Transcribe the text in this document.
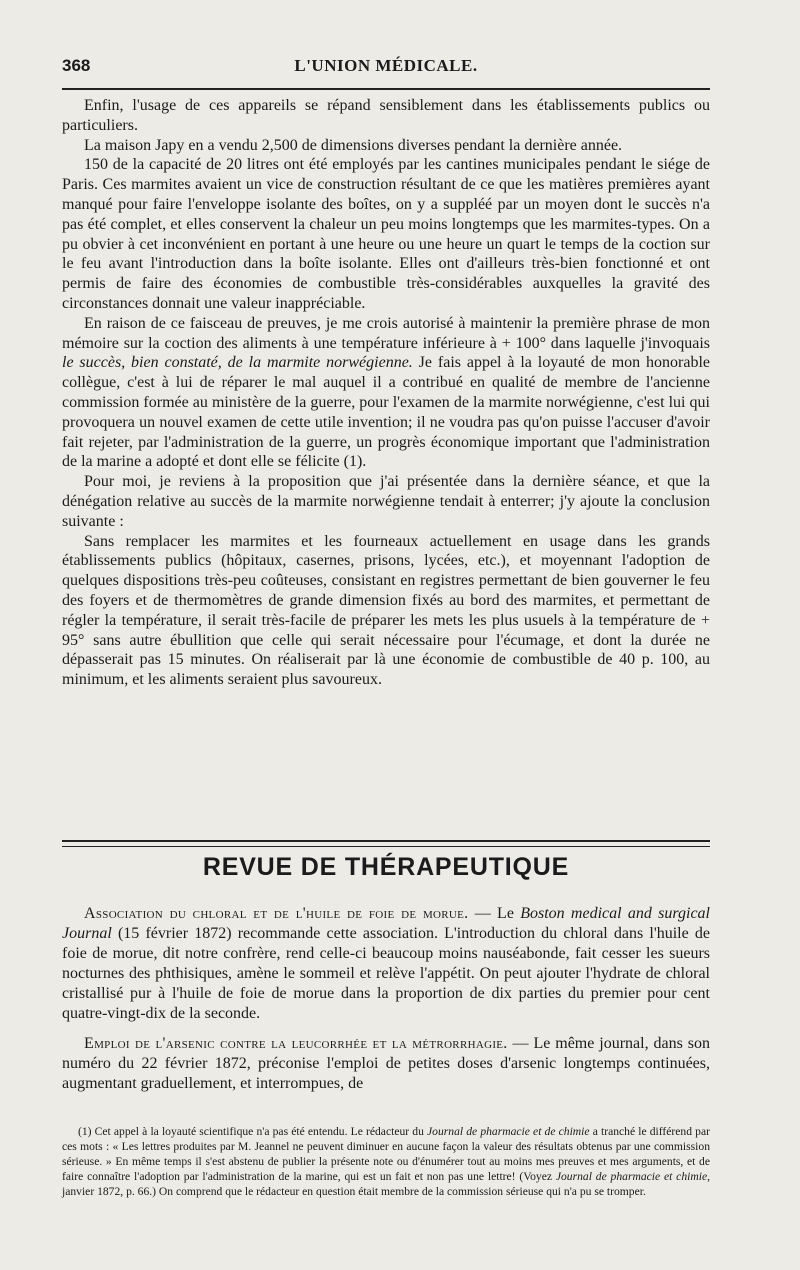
368	L'UNION MÉDICALE.

Enfin, l'usage de ces appareils se répand sensiblement dans les établissements publics ou particuliers.

La maison Japy en a vendu 2,500 de dimensions diverses pendant la dernière année.

150 de la capacité de 20 litres ont été employés par les cantines municipales pendant le siége de Paris. Ces marmites avaient un vice de construction résultant de ce que les matières premières ayant manqué pour faire l'enveloppe isolante des boîtes, on y a suppléé par un moyen dont le succès n'a pas été complet, et elles conservent la chaleur un peu moins longtemps que les marmites-types. On a pu obvier à cet inconvénient en portant à une heure ou une heure un quart le temps de la coction sur le feu avant l'introduction dans la boîte isolante. Elles ont d'ailleurs très-bien fonctionné et ont permis de faire des économies de combustible très-considérables auxquelles la gravité des circonstances donnait une valeur inappréciable.

En raison de ce faisceau de preuves, je me crois autorisé à maintenir la première phrase de mon mémoire sur la coction des aliments à une température inférieure à + 100° dans laquelle j'invoquais le succès, bien constaté, de la marmite norwégienne. Je fais appel à la loyauté de mon honorable collègue, c'est à lui de réparer le mal auquel il a contribué en qualité de membre de l'ancienne commission formée au ministère de la guerre, pour l'examen de la marmite norwégienne, c'est lui qui provoquera un nouvel examen de cette utile invention; il ne voudra pas qu'on puisse l'accuser d'avoir fait rejeter, par l'administration de la guerre, un progrès économique important que l'administration de la marine a adopté et dont elle se félicite (1).

Pour moi, je reviens à la proposition que j'ai présentée dans la dernière séance, et que la dénégation relative au succès de la marmite norwégienne tendait à enterrer; j'y ajoute la conclusion suivante :

Sans remplacer les marmites et les fourneaux actuellement en usage dans les grands établissements publics (hôpitaux, casernes, prisons, lycées, etc.), et moyennant l'adoption de quelques dispositions très-peu coûteuses, consistant en registres permettant de bien gouverner le feu des foyers et de thermomètres de grande dimension fixés au bord des marmites, et permettant de régler la température, il serait très-facile de préparer les mets les plus usuels à la température de + 95° sans autre ébullition que celle qui serait nécessaire pour l'écumage, et dont la durée ne dépasserait pas 15 minutes. On réaliserait par là une économie de combustible de 40 p. 100, au minimum, et les aliments seraient plus savoureux.

REVUE DE THÉRAPEUTIQUE

Association du chloral et de l'huile de foie de morue. — Le Boston medical and surgical Journal (15 février 1872) recommande cette association. L'introduction du chloral dans l'huile de foie de morue, dit notre confrère, rend celle-ci beaucoup moins nauséabonde, fait cesser les sueurs nocturnes des phthisiques, amène le sommeil et relève l'appétit. On peut ajouter l'hydrate de chloral cristallisé pur à l'huile de foie de morue dans la proportion de dix parties du premier pour cent quatre-vingt-dix de la seconde.

Emploi de l'arsenic contre la leucorrhée et la métrorrhagie. — Le même journal, dans son numéro du 22 février 1872, préconise l'emploi de petites doses d'arsenic longtemps continuées, augmentant graduellement, et interrompues, de

(1) Cet appel à la loyauté scientifique n'a pas été entendu. Le rédacteur du Journal de pharmacie et de chimie a tranché le différend par ces mots : « Les lettres produites par M. Jeannel ne peuvent diminuer en aucune façon la valeur des résultats obtenus par une commission sérieuse. » En même temps il s'est abstenu de publier la présente note ou d'énumérer tout au moins mes preuves et mes arguments, et de faire connaître l'adoption par l'administration de la marine, qui est un fait et non pas une lettre! (Voyez Journal de pharmacie et chimie, janvier 1872, p. 66.) On comprend que le rédacteur en question était membre de la commission sérieuse qui n'a pu se tromper.
